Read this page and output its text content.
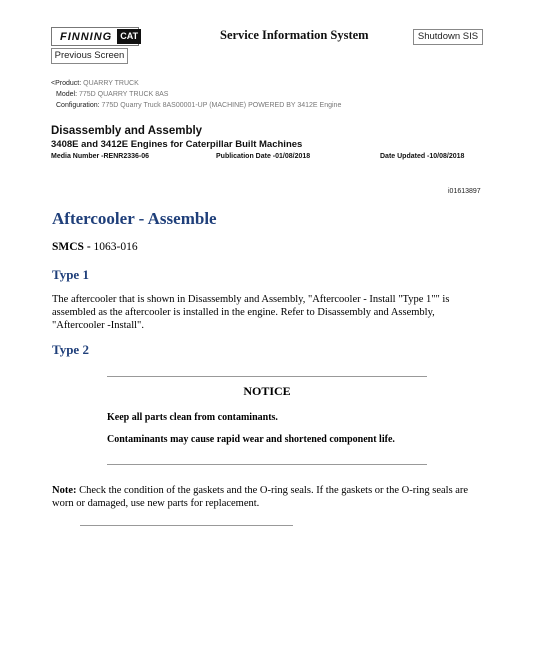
FINNING CAT
Previous Screen
Service Information System	Shutdown SIS
<Product: QUARRY TRUCK
Model: 775D QUARRY TRUCK 8AS
Configuration: 775D Quarry Truck 8AS00001-UP (MACHINE) POWERED BY 3412E Engine
Disassembly and Assembly
3408E and 3412E Engines for Caterpillar Built Machines
Media Number -RENR2336-06	Publication Date -01/08/2018	Date Updated -10/08/2018
i01613897
Aftercooler - Assemble
SMCS - 1063-016
Type 1
The aftercooler that is shown in Disassembly and Assembly, "Aftercooler - Install "Type 1"" is assembled as the aftercooler is installed in the engine. Refer to Disassembly and Assembly, "Aftercooler -Install".
Type 2
NOTICE
Keep all parts clean from contaminants.
Contaminants may cause rapid wear and shortened component life.
Note: Check the condition of the gaskets and the O-ring seals. If the gaskets or the O-ring seals are worn or damaged, use new parts for replacement.
